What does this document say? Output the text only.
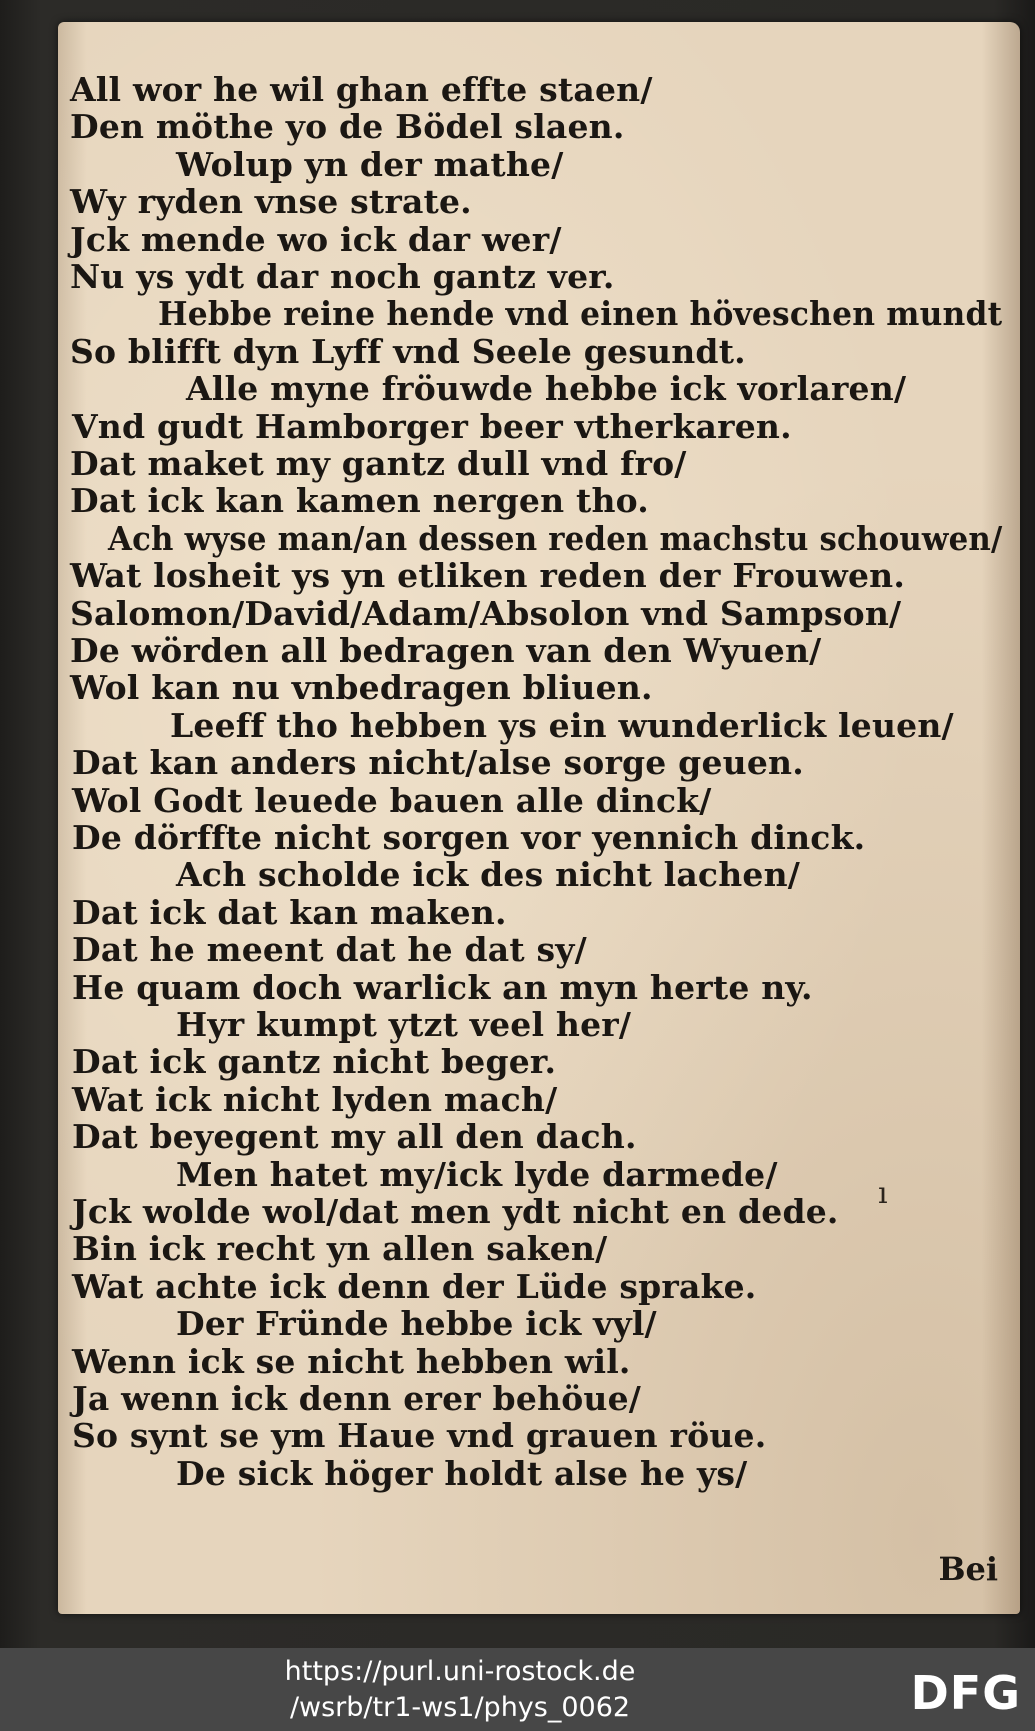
All wor he wil ghan effte staen/
Den möthe yo de Bödel slaen.
Wolup yn der mathe/
Wy ryden vnse strate.
Jck mende wo ick dar wer/
Nu ys ydt dar noch gantz ver.
Hebbe reine hende vnd einen höveschen mundt
So blifft dyn Lyff vnd Seele gesundt.
Alle myne fröuwde hebbe ick vorlaren/
Vnd gudt Hamborger beer vtherkaren.
Dat maket my gantz dull vnd fro/
Dat ick kan kamen nergen tho.
Ach wyse man/an dessen reden machstu schouwen/
Wat losheit ys yn etliken reden der Frouwen.
Salomon/David/Adam/Absolon vnd Sampson/
De wörden all bedragen van den Wyuen/
Wol kan nu vnbedragen bliuen.
Leeff tho hebben ys ein wunderlick leuen/
Dat kan anders nicht/alse sorge geuen.
Wol Godt leuede bauen alle dinck/
De dörffte nicht sorgen vor yennich dinck.
Ach scholde ick des nicht lachen/
Dat ick dat kan maken.
Dat he meent dat he dat sy/
He quam doch warlick an myn herte ny.
Hyr kumpt ytzt veel her/
Dat ick gantz nicht beger.
Wat ick nicht lyden mach/
Dat beyegent my all den dach.
Men hatet my/ick lyde darmede/
Jck wolde wol/dat men ydt nicht en dede.
Bin ick recht yn allen saken/
Wat achte ick denn der Lüde sprake.
Der Fründe hebbe ick vyl/
Wenn ick se nicht hebben wil.
Ja wenn ick denn erer behöue/
So synt se ym Haue vnd grauen röue.
De sick höger holdt alse he ys/
ı
Bei
https://purl.uni-rostock.de
/wsrb/tr1-ws1/phys_0062	DFG
